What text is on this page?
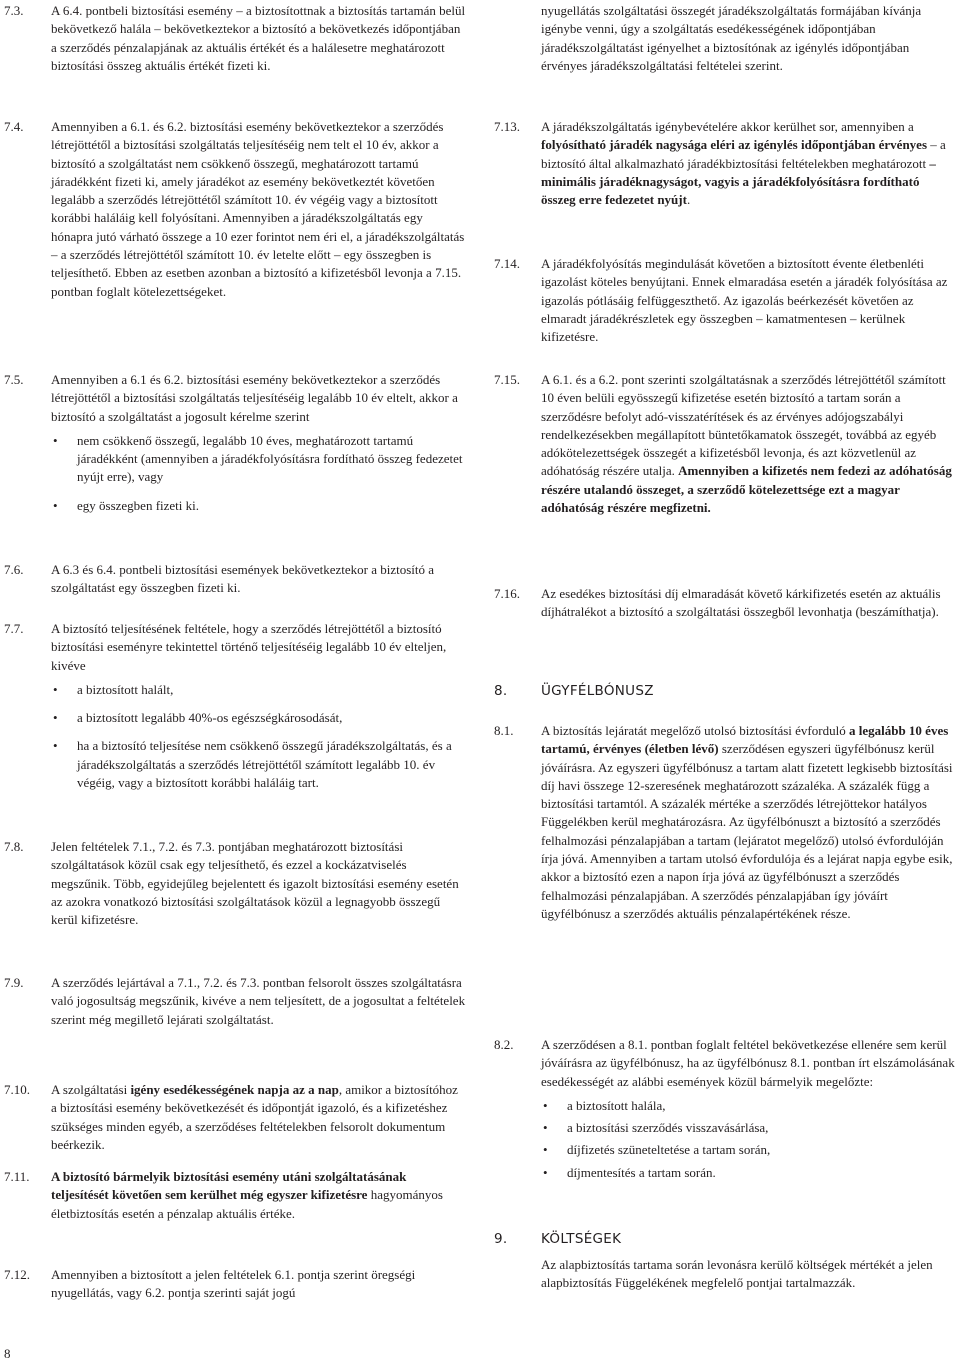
7.3.	A 6.4. pontbeli biztosítási esemény – a biztosítottnak a biztosítás tartamán belül bekövetkező halála – bekövetkeztekor a biztosító a bekövetkezés időpontjában a szerződés pénzalapjának az aktuális értékét és a halálesetre meghatározott biztosítási összeg aktuális értékét fizeti ki.

7.4.	Amennyiben a 6.1. és 6.2. biztosítási esemény bekövetkeztekor a szerződés létrejöttétől a biztosítási szolgáltatás teljesítéséig nem telt el 10 év, akkor a biztosító a szolgáltatást nem csökkenő összegű, meghatározott tartamú járadékként fizeti ki, amely járadékot az esemény bekövetkeztét követően legalább a szerződés létrejöttétől számított 10. év végéig vagy a biztosított korábbi haláláig kell folyósítani. Amennyiben a járadékszolgáltatás egy hónapra jutó várható összege a 10 ezer forintot nem éri el, a járadékszolgáltatás – a szerződés létrejöttétől számított 10. év letelte előtt – egy összegben is teljesíthető. Ebben az esetben azonban a biztosító a kifizetésből levonja a 7.15. pontban foglalt kötelezettségeket.

7.5.	Amennyiben a 6.1 és 6.2. biztosítási esemény bekövetkeztekor a szerződés létrejöttétől a biztosítási szolgáltatás teljesítéséig legalább 10 év eltelt, akkor a biztosító a szolgáltatást a jogosult kérelme szerint

• nem csökkenő összegű, legalább 10 éves, meghatározott tartamú járadékként (amennyiben a járadékfolyósításra fordítható összeg fedezetet nyújt erre), vagy
• egy összegben fizeti ki.
7.6.	A 6.3 és 6.4. pontbeli biztosítási események bekövetkeztekor a biztosító a szolgáltatást egy összegben fizeti ki.

7.7.	A biztosító teljesítésének feltétele, hogy a szerződés létrejöttétől a biztosító biztosítási eseményre tekintettel történő teljesítéséig legalább 10 év elteljen, kivéve

• a biztosított halált,
• a biztosított legalább 40%-os egészségkárosodását,
• ha a biztosító teljesítése nem csökkenő összegű járadékszolgáltatás, és a járadékszolgáltatás a szerződés létrejöttétől számított legalább 10. év végéig, vagy a biztosított korábbi haláláig tart.
7.8.	Jelen feltételek 7.1., 7.2. és 7.3. pontjában meghatározott biztosítási szolgáltatások közül csak egy teljesíthető, és ezzel a kockázatviselés megszűnik. Több, egyidejűleg bejelentett és igazolt biztosítási esemény esetén az azokra vonatkozó biztosítási szolgáltatások közül a legnagyobb összegű kerül kifizetésre.

7.9.	A szerződés lejártával a 7.1., 7.2. és 7.3. pontban felsorolt összes szolgáltatásra való jogosultság megszűnik, kivéve a nem teljesített, de a jogosultat a feltételek szerint még megillető lejárati szolgáltatást.

7.10.	A szolgáltatási igény esedékességének napja az a nap, amikor a biztosítóhoz a biztosítási esemény bekövetkezését és időpontját igazoló, és a kifizetéshez szükséges minden egyéb, a szerződéses feltételekben felsorolt dokumentum beérkezik.

7.11.	A biztosító bármelyik biztosítási esemény utáni szolgáltatásának teljesítését követően sem kerülhet még egyszer kifizetésre hagyományos életbiztosítás esetén a pénzalap aktuális értéke.

7.12.	Amennyiben a biztosított a jelen feltételek 6.1. pontja szerint öregségi nyugellátás, vagy 6.2. pontja szerinti saját jogú

nyugellátás szolgáltatási összegét járadékszolgáltatás formájában kívánja igénybe venni, úgy a szolgáltatás esedékességének időpontjában járadékszolgáltatást igényelhet a biztosítónak az igénylés időpontjában érvényes járadékszolgáltatási feltételei szerint.

7.13.	A járadékszolgáltatás igénybevételére akkor kerülhet sor, amennyiben a folyósítható járadék nagysága eléri az igénylés időpontjában érvényes – a biztosító által alkalmazható járadékbiztosítási feltételekben meghatározott – minimális járadéknagyságot, vagyis a járadékfolyósításra fordítható összeg erre fedezetet nyújt.

7.14.	A járadékfolyósítás megindulását követően a biztosított évente életbenléti igazolást köteles benyújtani. Ennek elmaradása esetén a járadék folyósítása az igazolás pótlásáig felfüggeszthető. Az igazolás beérkezését követően az elmaradt járadékrészletek egy összegben – kamatmentesen – kerülnek kifizetésre.

7.15.	A 6.1. és a 6.2. pont szerinti szolgáltatásnak a szerződés létrejöttétől számított 10 éven belüli egyösszegű kifizetése esetén biztosító a tartam során a szerződésre befolyt adó-visszatérítések és az érvényes adójogszabályi rendelkezésekben megállapított büntetőkamatok összegét, továbbá az egyéb adókötelezettségek összegét a kifizetésből levonja, és azt közvetlenül az adóhatóság részére utalja. Amennyiben a kifizetés nem fedezi az adóhatóság részére utalandó összeget, a szerződő kötelezettsége ezt a magyar adóhatóság részére megfizetni.

7.16.	Az esedékes biztosítási díj elmaradását követő kárkifizetés esetén az aktuális díjhátralékot a biztosító a szolgáltatási összegből levonhatja (beszámíthatja).

8.	ÜGYFÉLBÓNUSZ
8.1.	A biztosítás lejáratát megelőző utolsó biztosítási évforduló a legalább 10 éves tartamú, érvényes (életben lévő) szerződésen egyszeri ügyfélbónusz kerül jóváírásra. Az egyszeri ügyfélbónusz a tartam alatt fizetett legkisebb biztosítási díj havi összege 12-szeresének meghatározott százaléka. A százalék függ a biztosítási tartamtól. A százalék mértéke a szerződés létrejöttekor hatályos Függelékben kerül meghatározásra. Az ügyfélbónuszt a biztosító a szerződés felhalmozási pénzalapjában a tartam (lejáratot megelőző) utolsó évfordulóján írja jóvá. Amennyiben a tartam utolsó évfordulója és a lejárat napja egybe esik, akkor a biztosító ezen a napon írja jóvá az ügyfélbónuszt a szerződés felhalmozási pénzalapjában. A szerződés pénzalapjában így jóváírt ügyfélbónusz a szerződés aktuális pénzalapértékének része.

8.2.	A szerződésen a 8.1. pontban foglalt feltétel bekövetkezése ellenére sem kerül jóváírásra az ügyfélbónusz, ha az ügyfélbónusz 8.1. pontban írt elszámolásának esedékességét az alábbi események közül bármelyik megelőzte:

• a biztosított halála,
• a biztosítási szerződés visszavásárlása,
• díjfizetés szüneteltetése a tartam során,
• díjmentesítés a tartam során.
9.	KÖLTSÉGEK

Az alapbiztosítás tartama során levonásra kerülő költségek mértékét a jelen alapbiztosítás Függelékének megfelelő pontjai tartalmazzák.

8
